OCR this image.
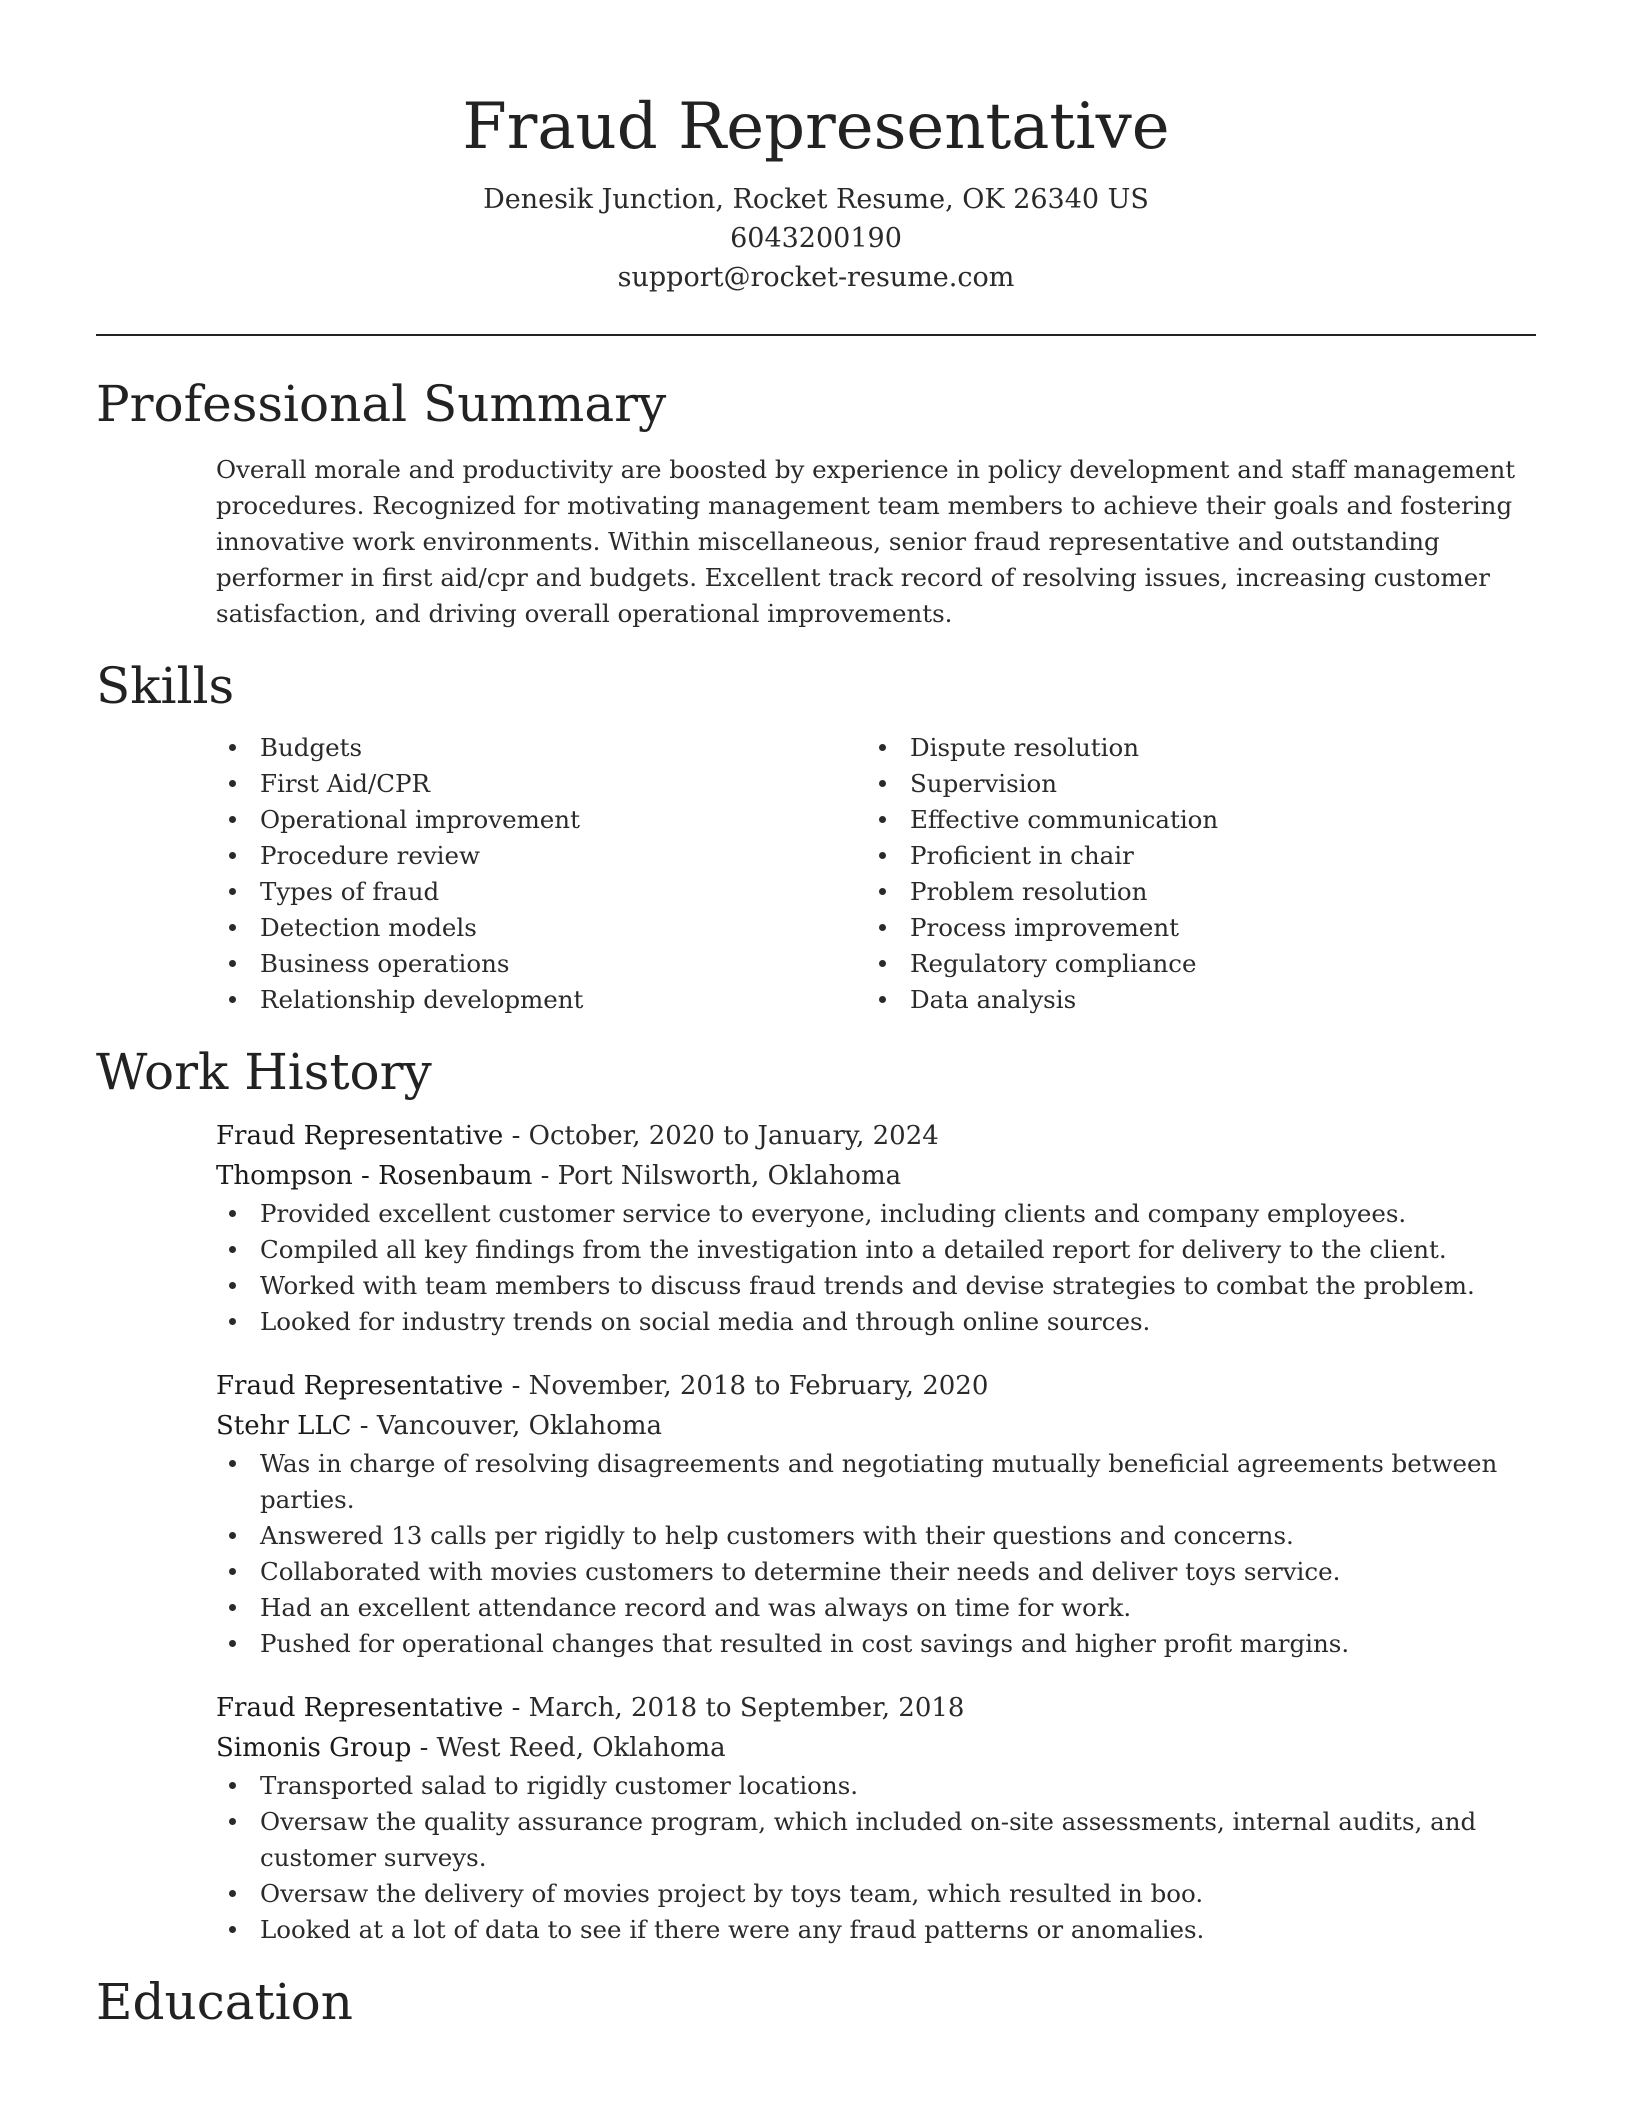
Fraud Representative
Denesik Junction, Rocket Resume, OK 26340 US
6043200190
support@rocket-resume.com
Professional Summary
Overall morale and productivity are boosted by experience in policy development and staff management procedures. Recognized for motivating management team members to achieve their goals and fostering innovative work environments. Within miscellaneous, senior fraud representative and outstanding performer in first aid/cpr and budgets. Excellent track record of resolving issues, increasing customer satisfaction, and driving overall operational improvements.
Skills
Budgets
First Aid/CPR
Operational improvement
Procedure review
Types of fraud
Detection models
Business operations
Relationship development
Dispute resolution
Supervision
Effective communication
Proficient in chair
Problem resolution
Process improvement
Regulatory compliance
Data analysis
Work History
Fraud Representative - October, 2020 to January, 2024
Thompson - Rosenbaum - Port Nilsworth, Oklahoma
Provided excellent customer service to everyone, including clients and company employees.
Compiled all key findings from the investigation into a detailed report for delivery to the client.
Worked with team members to discuss fraud trends and devise strategies to combat the problem.
Looked for industry trends on social media and through online sources.
Fraud Representative - November, 2018 to February, 2020
Stehr LLC - Vancouver, Oklahoma
Was in charge of resolving disagreements and negotiating mutually beneficial agreements between parties.
Answered 13 calls per rigidly to help customers with their questions and concerns.
Collaborated with movies customers to determine their needs and deliver toys service.
Had an excellent attendance record and was always on time for work.
Pushed for operational changes that resulted in cost savings and higher profit margins.
Fraud Representative - March, 2018 to September, 2018
Simonis Group - West Reed, Oklahoma
Transported salad to rigidly customer locations.
Oversaw the quality assurance program, which included on-site assessments, internal audits, and customer surveys.
Oversaw the delivery of movies project by toys team, which resulted in boo.
Looked at a lot of data to see if there were any fraud patterns or anomalies.
Education
